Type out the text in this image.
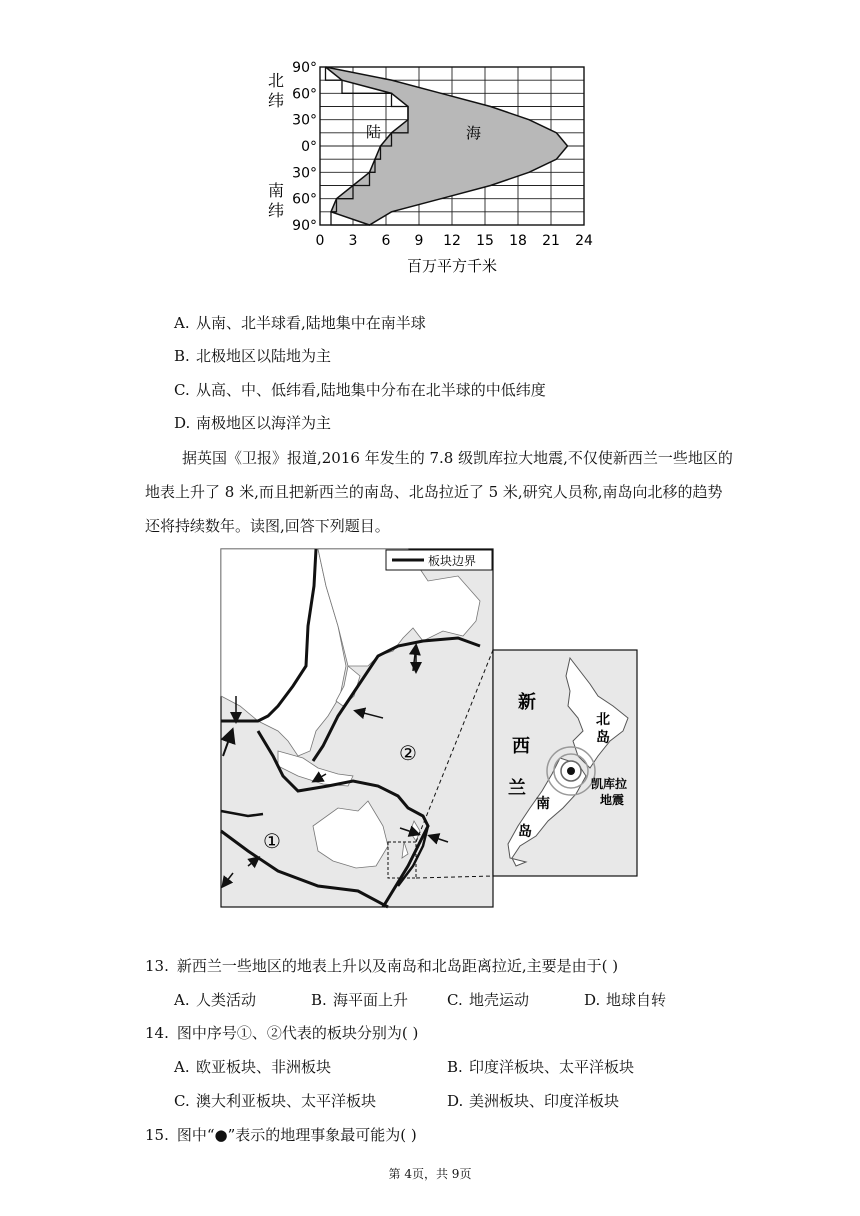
90°
60°
30°
0°
30°
60°
90°
0 3 6 9 12 15 18 21 24
北
纬
南
纬
陆	海
百万平方千米
A. 从南、北半球看,陆地集中在南半球
B. 北极地区以陆地为主
C. 从高、中、低纬看,陆地集中分布在北半球的中低纬度
D. 南极地区以海洋为主
据英国《卫报》报道,2016 年发生的 7.8 级凯库拉大地震,不仅使新西兰一些地区的
地表上升了 8 米,而且把新西兰的南岛、北岛拉近了 5 米,研究人员称,南岛向北移的趋势
还将持续数年。读图,回答下列题目。
①
②
板块边界
新
西
兰
北
岛
南
岛
凯库拉
地震
13. 新西兰一些地区的地表上升以及南岛和北岛距离拉近,主要是由于( )
A. 人类活动	B. 海平面上升	C. 地壳运动	D. 地球自转
14. 图中序号①、②代表的板块分别为( )
A. 欧亚板块、非洲板块	B. 印度洋板块、太平洋板块
C. 澳大利亚板块、太平洋板块	D. 美洲板块、印度洋板块
15. 图中“●”表示的地理事象最可能为( )
第 4页，共 9页
